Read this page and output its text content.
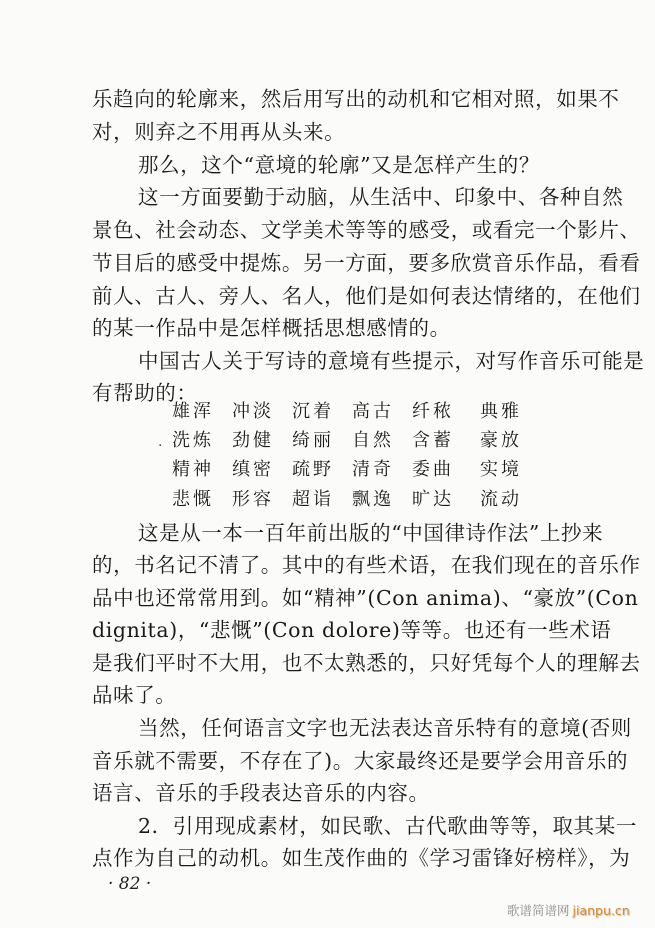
乐趋向的轮廓来，然后用写出的动机和它相对照，如果不
对，则弃之不用再从头来。
那么，这个“意境的轮廓”又是怎样产生的？
这一方面要勤于动脑，从生活中、印象中、各种自然
景色、社会动态、文学美术等等的感受，或看完一个影片、
节目后的感受中提炼。另一方面，要多欣赏音乐作品，看看
前人、古人、旁人、名人，他们是如何表达情绪的，在他们
的某一作品中是怎样概括思想感情的。
中国古人关于写诗的意境有些提示，对写作音乐可能是
有帮助的：
雄浑	冲淡	沉着	高古	纤秾	典雅
. 洗炼	劲健	绮丽	自然	含蓄	豪放
精神	缜密	疏野	清奇	委曲	实境
悲慨	形容	超诣	飘逸	旷达	流动
这是从一本一百年前出版的“中国律诗作法”上抄来
的，书名记不清了。其中的有些术语，在我们现在的音乐作
品中也还常常用到。如“精神”(Con anima)、“豪放”(Con
dignita)，“悲慨”(Con dolore)等等。也还有一些术语
是我们平时不大用，也不太熟悉的，只好凭每个人的理解去
品味了。
当然，任何语言文字也无法表达音乐特有的意境(否则
音乐就不需要，不存在了)。大家最终还是要学会用音乐的
语言、音乐的手段表达音乐的内容。
2．引用现成素材，如民歌、古代歌曲等等，取其某一
点作为自己的动机。如生茂作曲的《学习雷锋好榜样》，为
· 82 ·
歌谱简谱网 jianpu.cn
